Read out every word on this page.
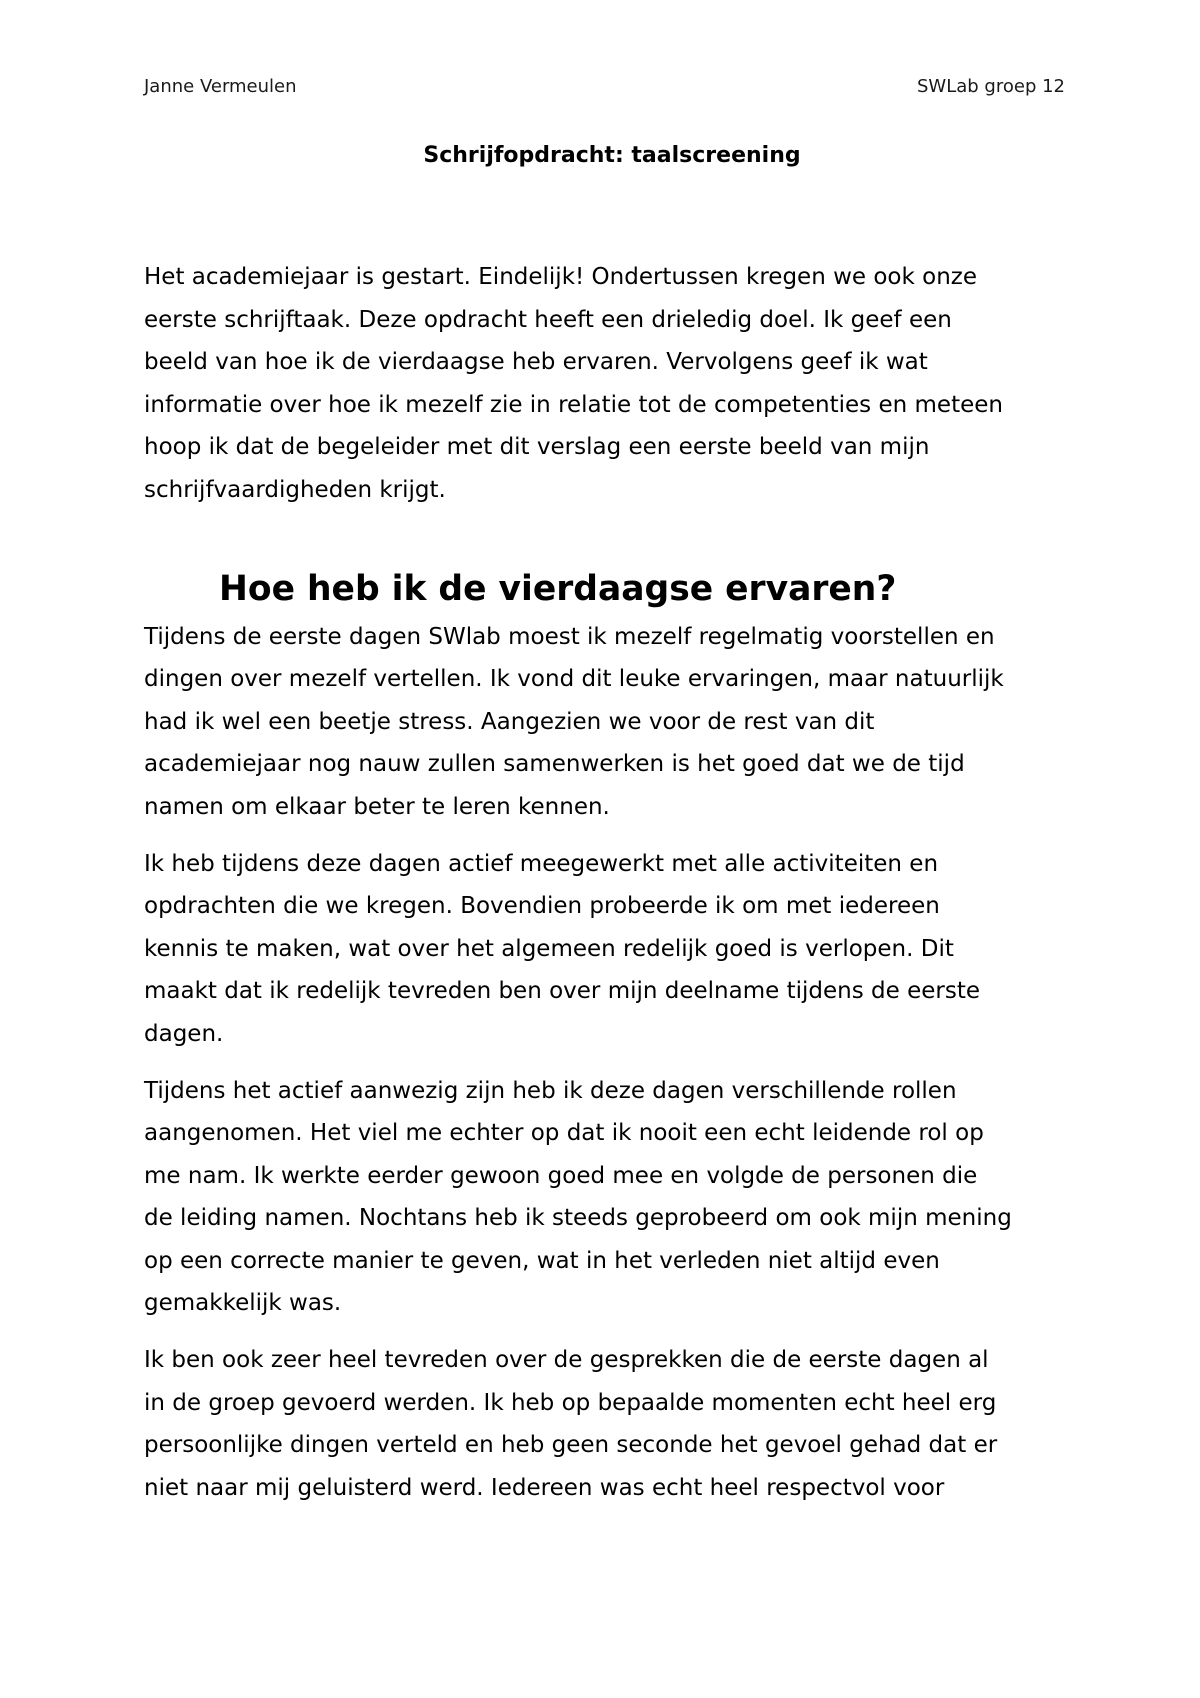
Janne Vermeulen	SWLab groep 12
Schrijfopdracht: taalscreening

Het academiejaar is gestart. Eindelijk! Ondertussen kregen we ook onze
eerste schrijftaak. Deze opdracht heeft een drieledig doel. Ik geef een
beeld van hoe ik de vierdaagse heb ervaren. Vervolgens geef ik wat
informatie over hoe ik mezelf zie in relatie tot de competenties en meteen
hoop ik dat de begeleider met dit verslag een eerste beeld van mijn
schrijfvaardigheden krijgt.

Hoe heb ik de vierdaagse ervaren?

Tijdens de eerste dagen SWlab moest ik mezelf regelmatig voorstellen en
dingen over mezelf vertellen. Ik vond dit leuke ervaringen, maar natuurlijk
had ik wel een beetje stress. Aangezien we voor de rest van dit
academiejaar nog nauw zullen samenwerken is het goed dat we de tijd
namen om elkaar beter te leren kennen.

Ik heb tijdens deze dagen actief meegewerkt met alle activiteiten en
opdrachten die we kregen. Bovendien probeerde ik om met iedereen
kennis te maken, wat over het algemeen redelijk goed is verlopen. Dit
maakt dat ik redelijk tevreden ben over mijn deelname tijdens de eerste
dagen.

Tijdens het actief aanwezig zijn heb ik deze dagen verschillende rollen
aangenomen. Het viel me echter op dat ik nooit een echt leidende rol op
me nam. Ik werkte eerder gewoon goed mee en volgde de personen die
de leiding namen. Nochtans heb ik steeds geprobeerd om ook mijn mening
op een correcte manier te geven, wat in het verleden niet altijd even
gemakkelijk was.

Ik ben ook zeer heel tevreden over de gesprekken die de eerste dagen al
in de groep gevoerd werden. Ik heb op bepaalde momenten echt heel erg
persoonlijke dingen verteld en heb geen seconde het gevoel gehad dat er
niet naar mij geluisterd werd. Iedereen was echt heel respectvol voor
